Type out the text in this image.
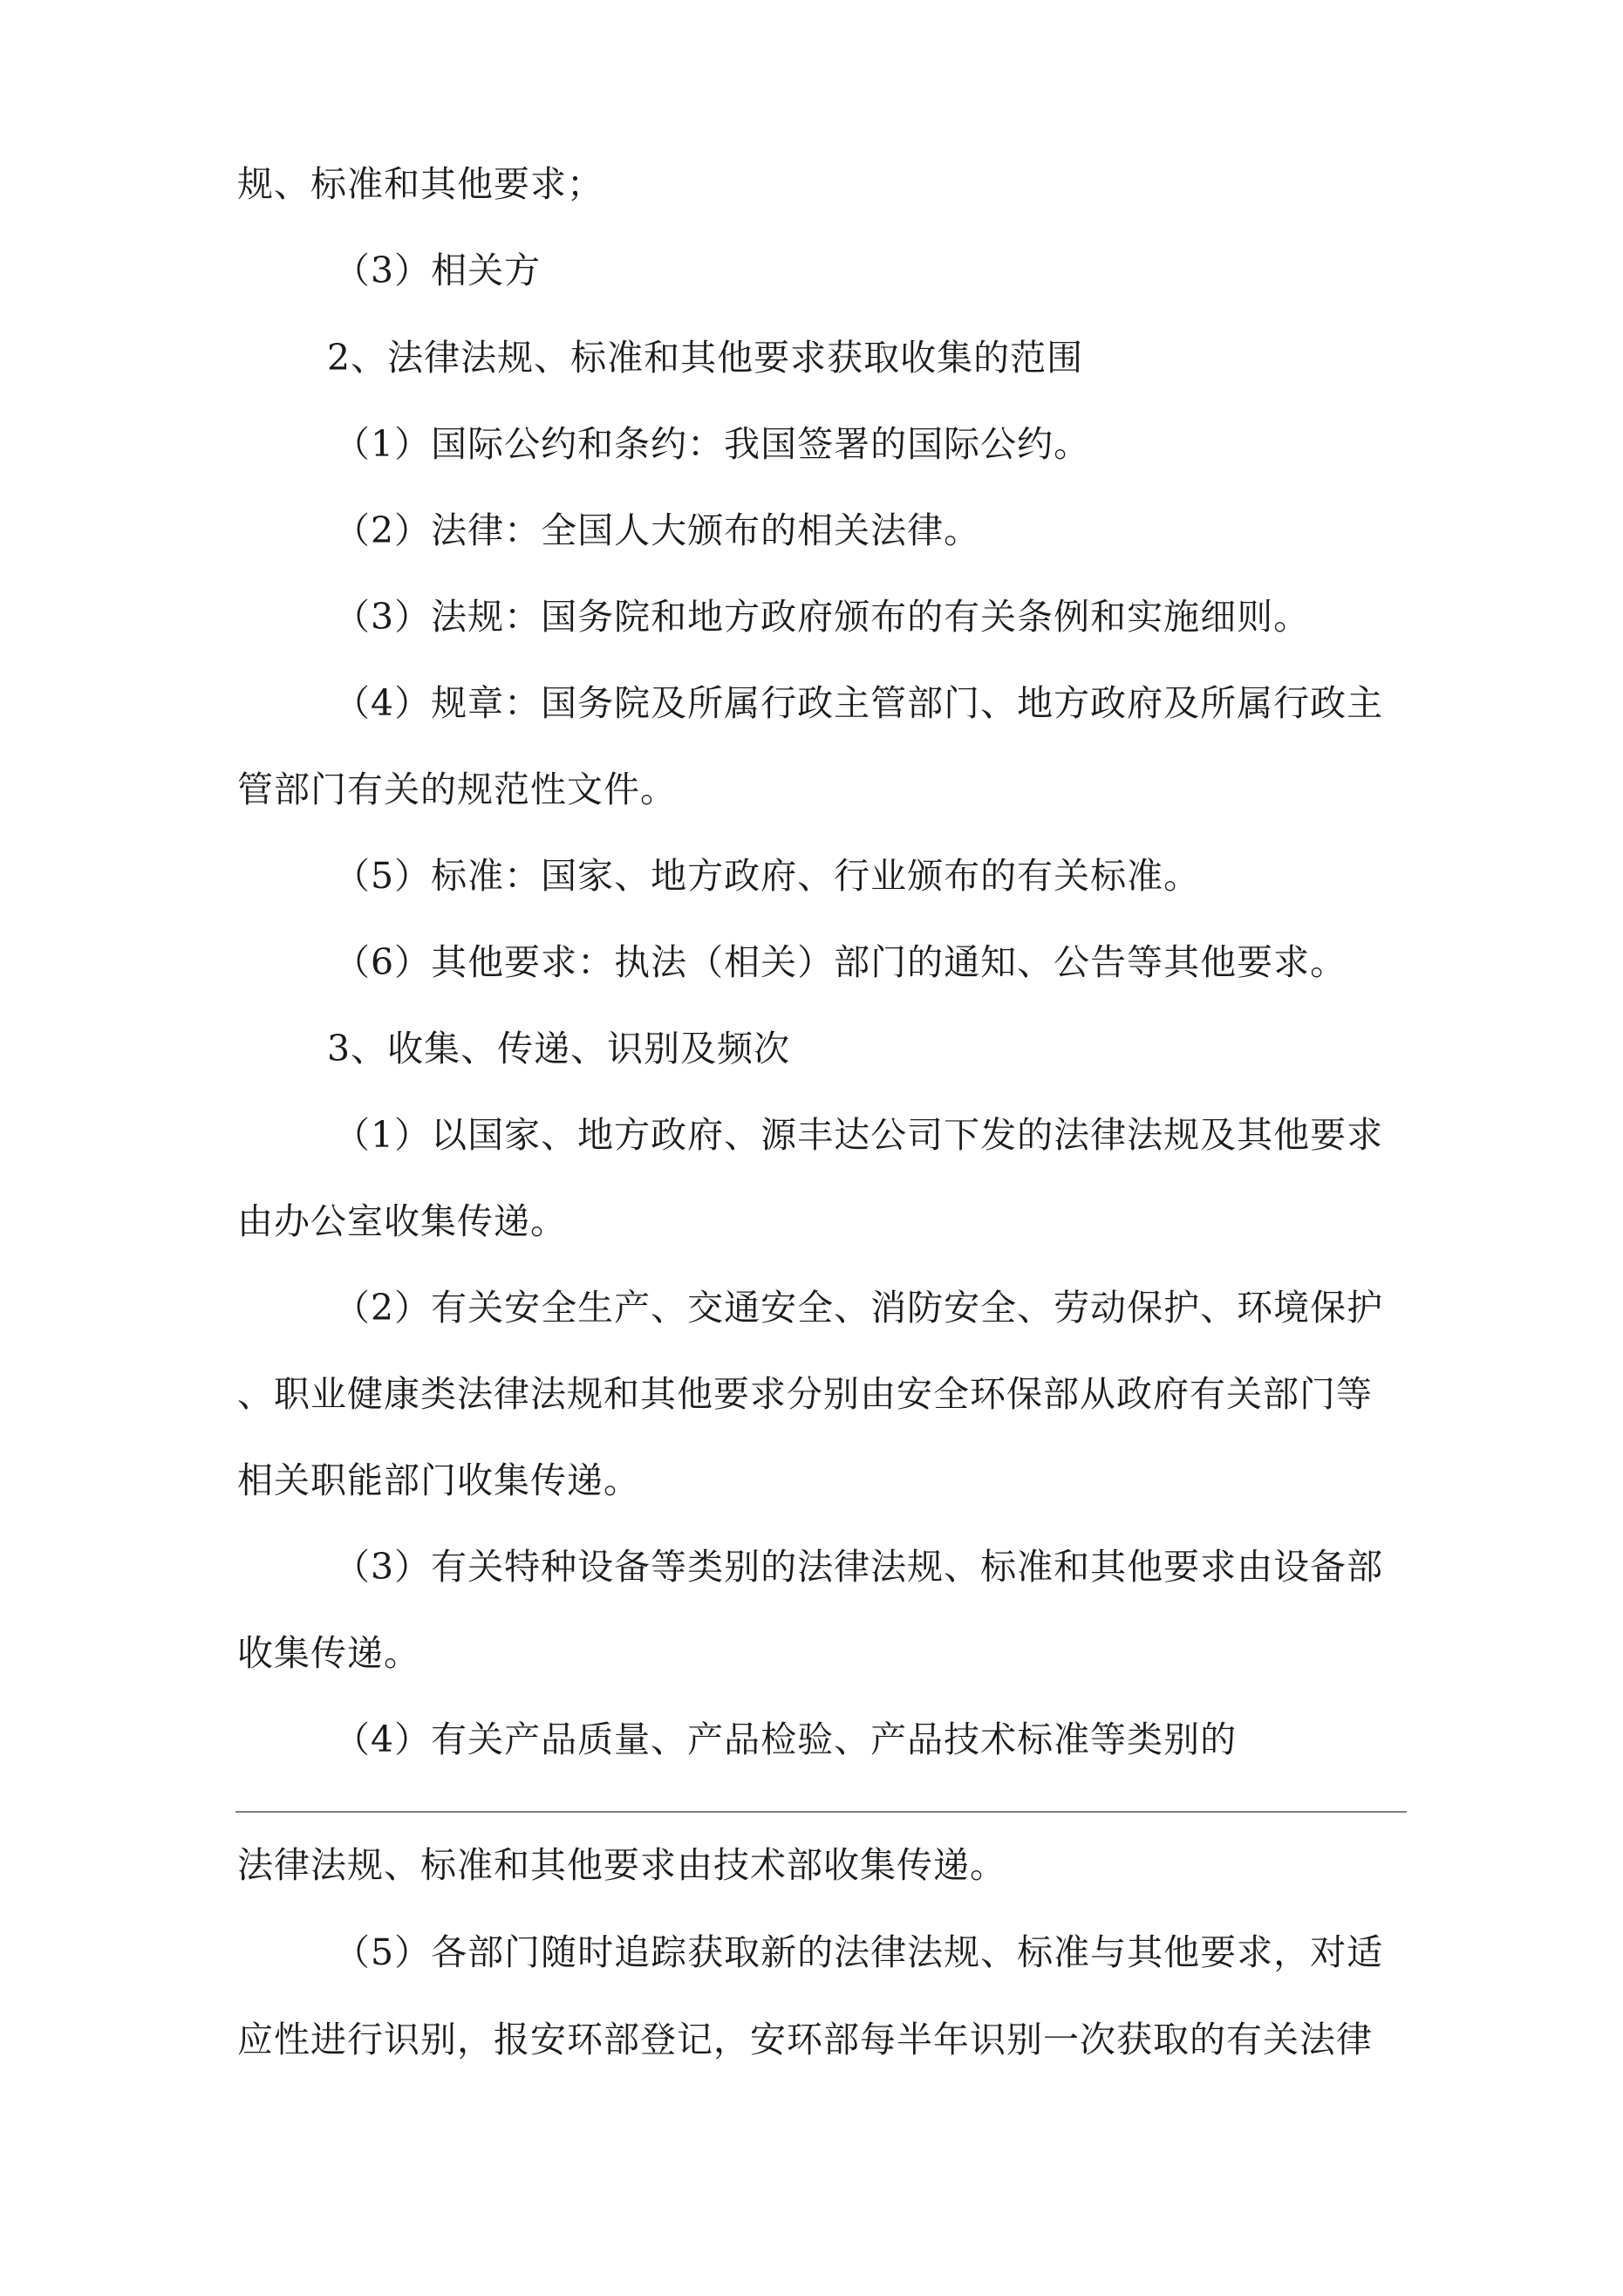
规、标准和其他要求；
（3）相关方
2、法律法规、标准和其他要求获取收集的范围
（1）国际公约和条约：我国签署的国际公约。
（2）法律：全国人大颁布的相关法律。
（3）法规：国务院和地方政府颁布的有关条例和实施细则。
（4）规章：国务院及所属行政主管部门、地方政府及所属行政主
管部门有关的规范性文件。
（5）标准：国家、地方政府、行业颁布的有关标准。
（6）其他要求：执法（相关）部门的通知、公告等其他要求。
3、收集、传递、识别及频次
（1）以国家、地方政府、源丰达公司下发的法律法规及其他要求
由办公室收集传递。
（2）有关安全生产、交通安全、消防安全、劳动保护、环境保护
、职业健康类法律法规和其他要求分别由安全环保部从政府有关部门等
相关职能部门收集传递。
（3）有关特种设备等类别的法律法规、标准和其他要求由设备部
收集传递。
（4）有关产品质量、产品检验、产品技术标准等类别的
法律法规、标准和其他要求由技术部收集传递。
（5）各部门随时追踪获取新的法律法规、标准与其他要求，对适
应性进行识别，报安环部登记，安环部每半年识别一次获取的有关法律
